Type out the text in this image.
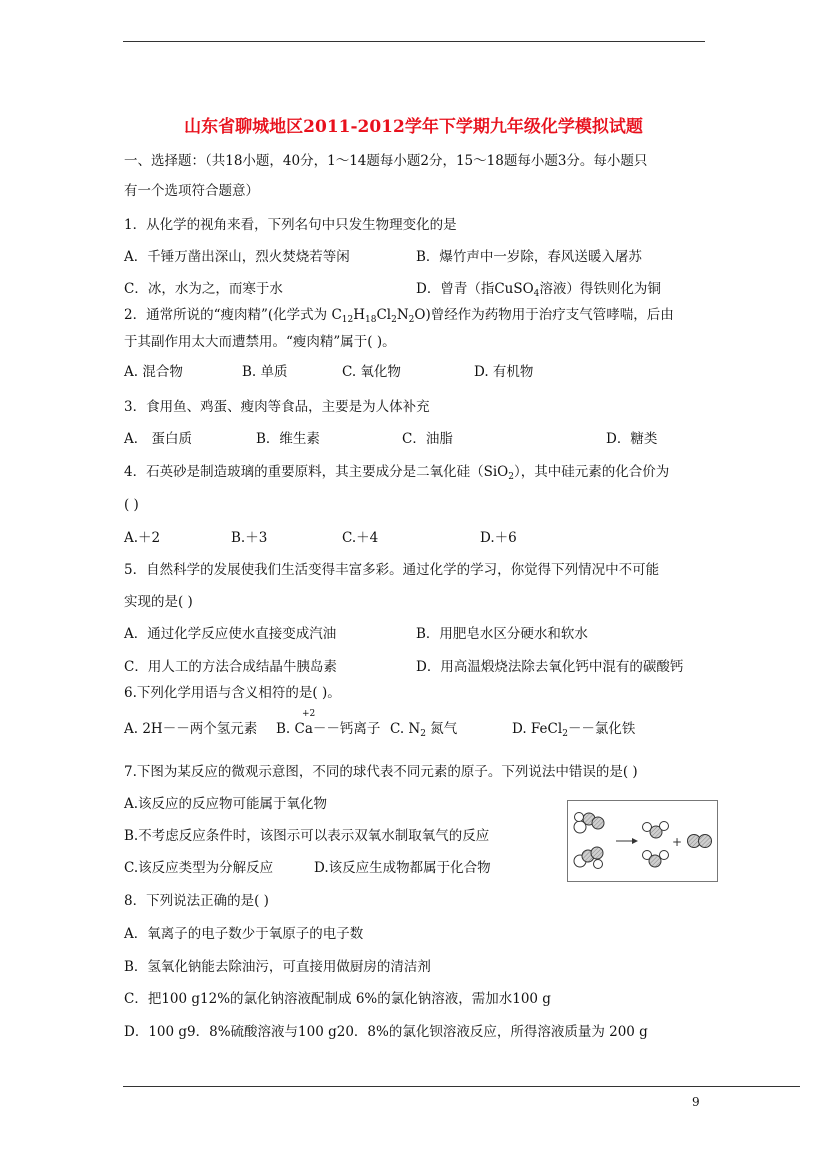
山东省聊城地区2011-2012学年下学期九年级化学模拟试题
一、选择题：（共18小题，40分，1～14题每小题2分，15～18题每小题3分。每小题只
有一个选项符合题意）
1．从化学的视角来看，下列名句中只发生物理变化的是
A．千锤万凿出深山，烈火焚烧若等闲	B．爆竹声中一岁除，春风送暖入屠苏
C．冰，水为之，而寒于水	D．曾青（指CuSO$_4$溶液）得铁则化为铜
2．通常所说的“瘦肉精”(化学式为 $C_{12}H_{18}Cl_2N_2O$)曾经作为药物用于治疗支气管哮喘，后由
于其副作用太大而遭禁用。“瘦肉精”属于( )。
A. 混合物	B. 单质	C. 氧化物	D. 有机物
3．食用鱼、鸡蛋、瘦肉等食品，主要是为人体补充
A． 蛋白质	B．维生素	C．油脂	D．糖类
4．石英砂是制造玻璃的重要原料，其主要成分是二氧化硅（SiO$_2$），其中硅元素的化合价为
( )
A.＋2	B.＋3	C.＋4	D.＋6
5．自然科学的发展使我们生活变得丰富多彩。通过化学的学习，你觉得下列情况中不可能
实现的是( )
A．通过化学反应使水直接变成汽油	B．用肥皂水区分硬水和软水
C．用人工的方法合成结晶牛胰岛素	D．用高温煅烧法除去氧化钙中混有的碳酸钙
6.下列化学用语与含义相符的是( )。
A. 2H－－两个氢元素 B. Ca－－钙离子
+2
C. $N_2$ 氮气	D. FeCl$_2$－－氯化铁
7.下图为某反应的微观示意图，不同的球代表不同元素的原子。下列说法中错误的是( )
A.该反应的反应物可能属于氧化物
B.不考虑反应条件时，该图示可以表示双氧水制取氧气的反应
C.该反应类型为分解反应	D.该反应生成物都属于化合物
+
8．下列说法正确的是( )
A．氧离子的电子数少于氧原子的电子数
B．氢氧化钠能去除油污，可直接用做厨房的清洁剂
C．把100 g12%的氯化钠溶液配制成 6%的氯化钠溶液，需加水100 g
D．100 g9．8%硫酸溶液与100 g20．8%的氯化钡溶液反应，所得溶液质量为 200 g
9
